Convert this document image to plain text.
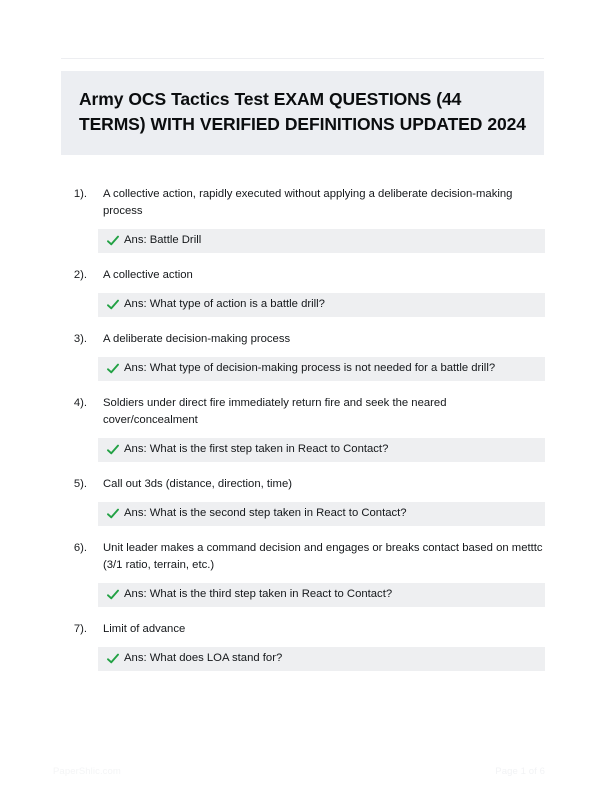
Army OCS Tactics Test EXAM QUESTIONS (44 TERMS) WITH VERIFIED DEFINITIONS UPDATED 2024
1).	A collective action, rapidly executed without applying a deliberate decision-making process
Ans: Battle Drill
2).	A collective action
Ans: What type of action is a battle drill?
3).	A deliberate decision-making process
Ans: What type of decision-making process is not needed for a battle drill?
4).	Soldiers under direct fire immediately return fire and seek the neared cover/concealment
Ans: What is the first step taken in React to Contact?
5).	Call out 3ds (distance, direction, time)
Ans: What is the second step taken in React to Contact?
6).	Unit leader makes a command decision and engages or breaks contact based on metttc (3/1 ratio, terrain, etc.)
Ans: What is the third step taken in React to Contact?
7).	Limit of advance
Ans: What does LOA stand for?
PaperShlic.com	Page 1 of 6
